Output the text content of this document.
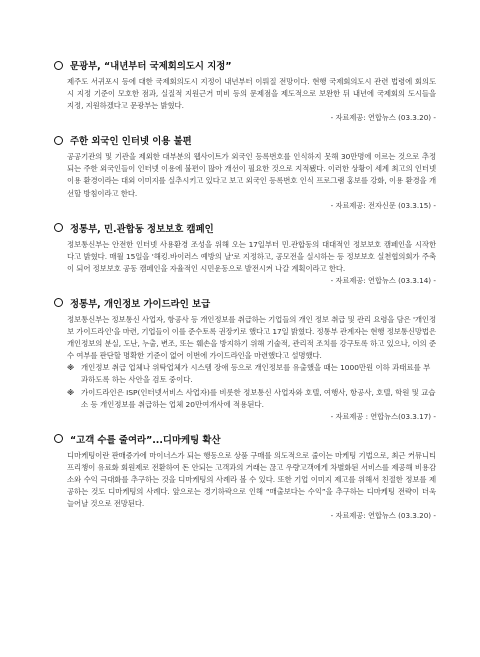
문광부, “내년부터 국제회의도시 지정”
제주도 서귀포시 등에 대한 국제회의도시 지정이 내년부터 이뤄질 전망이다. 현행 국제회의도시 관련 법령에 회의도시 지정 기준이 모호한 점과, 실질적 지원근거 미비 등의 문제점을 제도적으로 보완한 뒤 내년에 국제회의 도시들을 지정, 지원하겠다고 문광부는 밝혔다.
- 자료제공: 연합뉴스 (03.3.20) -
주한 외국인 인터넷 이용 불편
공공기관의 및 기관을 제외한 대부분의 웹사이트가 외국인 등록번호를 인식하지 못해 30만명에 이르는 것으로 추정되는 주한 외국인들이 인터넷 이용에 불편이 많아 개선이 필요한 것으로 지적됐다. 이러한 상황이 세계 최고의 인터넷 이용 환경이라는 대외 이미지를 실추시키고 있다고 보고 외국인 등록번호 인식 프로그램 홍보를 강화, 이용 환경을 개선할 방침이라고 한다.
- 자료제공: 전자신문 (03.3.15) -
정통부, 민.관합동 정보보호 캠페인
정보통신부는 안전한 인터넷 사용환경 조성을 위해 오는 17일부터 민.관합동의 대대적인 정보보호 캠페인을 시작한다고 밝혔다. 매월 15일을 '해킹.바이러스 예방의 날'로 지정하고, 공모전을 실시하는 등 정보보호 실천협의회가 주축이 되어 정보보호 공동 캠페인을 자율적인 시민운동으로 발전시켜 나갈 계획이라고 한다.
- 자료제공: 연합뉴스 (03.3.14) -
정통부, 개인정보 가이드라인 보급
정보통신부는 정보통신 사업자, 항공사 등 개인정보를 취급하는 기업들의 개인 정보 취급 및 관리 요령을 담은 '개인정보 가이드라인'을 마련, 기업들이 이를 준수토록 권장키로 했다고 17일 밝혔다. 정통부 관계자는 현행 정보통신망법은 개인정보의 분실, 도난, 누출, 변조, 또는 훼손을 방지하기 위해 기술적, 관리적 조치를 강구토록 하고 있으나, 이의 준수 여부를 판단할 명확한 기준이 없어 이번에 가이드라인을 마련했다고 설명했다.
※ 개인정보 취급 업체나 위탁업체가 시스템 장애 등으로 개인정보를 유출했을 때는 1000만원 이하 과태료를 부과하도록 하는 사안을 검토 중이다.
※ 가이드라인은 ISP(인터넷서비스 사업자)를 비롯한 정보통신 사업자와 호텔, 여행사, 항공사, 호텔, 학원 및 교습소 등 개인정보를 취급하는 업체 20만여개사에 적용된다.
- 자료제공 : 연합뉴스(03.3.17) -
“고객 수를 줄여라”...디마케팅 확산
디마케팅이란 판매증가에 마이너스가 되는 행동으로 상품 구매를 의도적으로 줄이는 마케팅 기법으로, 최근 커뮤니티 프리챙이 유료화 회원제로 전환하여 돈 안되는 고객과의 거래는 끊고 우량고객에게 차별화된 서비스를 제공해 비용감소와 수익 극대화를 추구하는 것을 디마케팅의 사례라 볼 수 있다. 또한 기업 이미지 제고를 위해서 친절한 정보를 제공하는 것도 디마케팅의 사례다. 앞으로는 경기하락으로 인해 “매출보다는 수익”을 추구하는 디마케팅 전략이 더욱 늘어날 것으로 전망된다.
- 자료제공: 연합뉴스 (03.3.20) -
